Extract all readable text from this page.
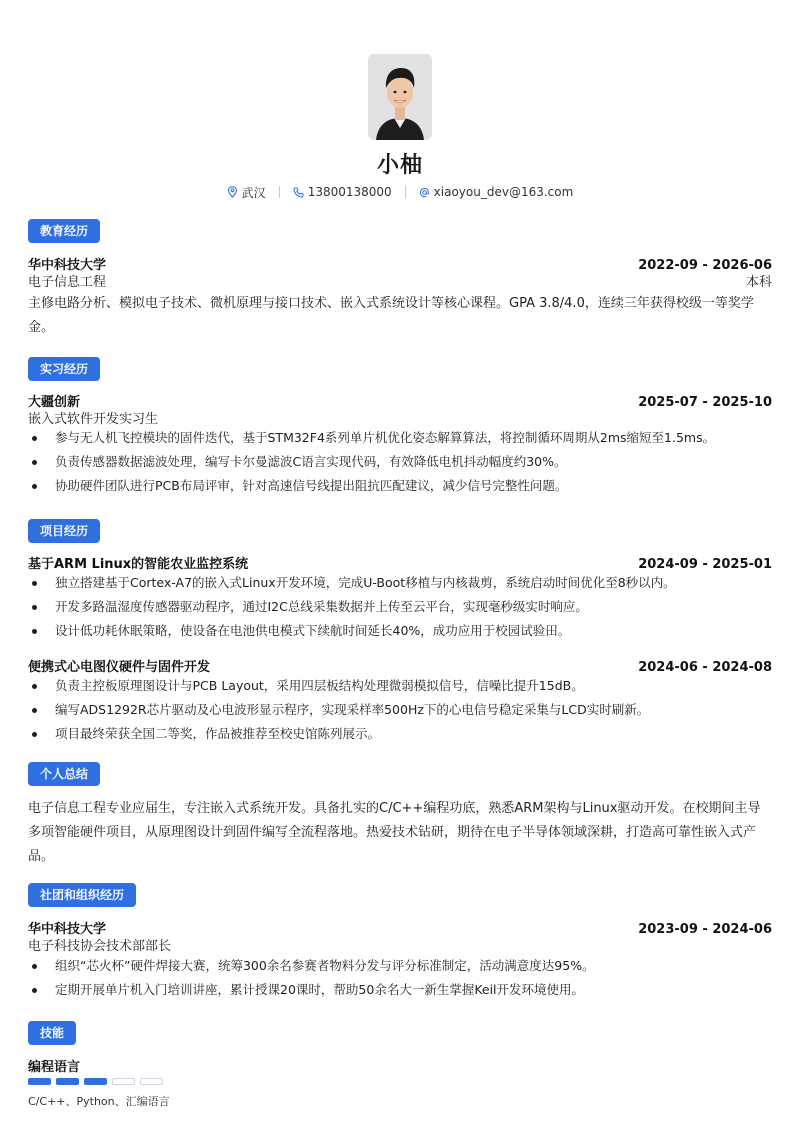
小柚
武汉	13800138000	xiaoyou_dev@163.com
教育经历
华中科技大学	2022-09 - 2026-06
电子信息工程	本科
主修电路分析、模拟电子技术、微机原理与接口技术、嵌入式系统设计等核心课程。GPA 3.8/4.0，连续三年获得校级一等奖学金。
实习经历
大疆创新	2025-07 - 2025-10
嵌入式软件开发实习生
参与无人机飞控模块的固件迭代，基于STM32F4系列单片机优化姿态解算算法，将控制循环周期从2ms缩短至1.5ms。
负责传感器数据滤波处理，编写卡尔曼滤波C语言实现代码，有效降低电机抖动幅度约30%。
协助硬件团队进行PCB布局评审，针对高速信号线提出阻抗匹配建议，减少信号完整性问题。
项目经历
基于ARM Linux的智能农业监控系统	2024-09 - 2025-01
独立搭建基于Cortex-A7的嵌入式Linux开发环境，完成U-Boot移植与内核裁剪，系统启动时间优化至8秒以内。
开发多路温湿度传感器驱动程序，通过I2C总线采集数据并上传至云平台，实现毫秒级实时响应。
设计低功耗休眠策略，使设备在电池供电模式下续航时间延长40%，成功应用于校园试验田。
便携式心电图仪硬件与固件开发	2024-06 - 2024-08
负责主控板原理图设计与PCB Layout，采用四层板结构处理微弱模拟信号，信噪比提升15dB。
编写ADS1292R芯片驱动及心电波形显示程序，实现采样率500Hz下的心电信号稳定采集与LCD实时刷新。
项目最终荣获全国二等奖，作品被推荐至校史馆陈列展示。
个人总结
电子信息工程专业应届生，专注嵌入式系统开发。具备扎实的C/C++编程功底，熟悉ARM架构与Linux驱动开发。在校期间主导多项智能硬件项目，从原理图设计到固件编写全流程落地。热爱技术钻研，期待在电子半导体领域深耕，打造高可靠性嵌入式产品。
社团和组织经历
华中科技大学	2023-09 - 2024-06
电子科技协会技术部部长
组织“芯火杯”硬件焊接大赛，统筹300余名参赛者物料分发与评分标准制定，活动满意度达95%。
定期开展单片机入门培训讲座，累计授课20课时，帮助50余名大一新生掌握Keil开发环境使用。
技能
编程语言
C/C++、Python、汇编语言
